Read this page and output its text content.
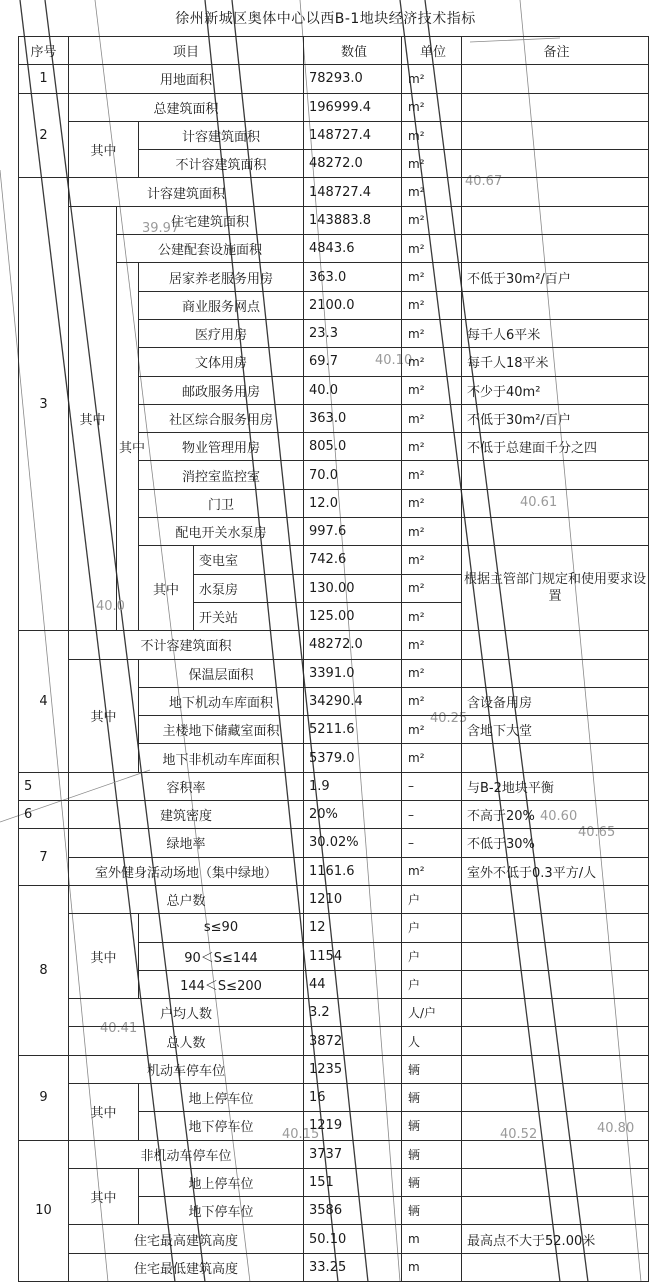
40.67
39.97
40.10
40.61
40.0
40.25
40.60
40.65
40.41
40.15	40.52	40.80
徐州新城区奥体中心以西B-1地块经济技术指标
序号	项目				数值	单位	备注
1	用地面积				78293.0	m²	
2	总建筑面积				196999.4	m²	
	其中		计容建筑面积		148727.4	m²	
			不计容建筑面积		48272.0	m²	
3	计容建筑面积				148727.4	m²	
	其中	住宅建筑面积			143883.8	m²	
		公建配套设施面积			4843.6	m²	
		其中	居家养老服务用房		363.0	m²	不低于30m²/百户
			商业服务网点		2100.0	m²	
			医疗用房		23.3	m²	每千人6平米
			文体用房		69.7	m²	每千人18平米
			邮政服务用房		40.0	m²	不少于40m²
			社区综合服务用房		363.0	m²	不低于30m²/百户
			物业管理用房		805.0	m²	不低于总建面千分之四
			消控室监控室		70.0	m²	
			门卫		12.0	m²	
			配电开关水泵房		997.6	m²	
			其中	变电室	742.6	m²	根据主管部门规定和使用要求设置
				水泵房	130.00	m²	
				开关站	125.00	m²	
4	不计容建筑面积				48272.0	m²	
	其中		保温层面积		3391.0	m²	
			地下机动车库面积		34290.4	m²	含设备用房
			主楼地下储藏室面积		5211.6	m²	含地下大堂
			地下非机动车库面积		5379.0	m²	
5	容积率				1.9	–	与B-2地块平衡
6	建筑密度				20%	–	不高于20%
7	绿地率				30.02%	–	不低于30%
	室外健身活动场地（集中绿地）				1161.6	m²	室外不低于0.3平方/人
8	总户数				1210	户	
	其中		s≤90		12	户	
			90＜S≤144		1154	户	
			144＜S≤200		44	户	
	户均人数				3.2	人/户	
	总人数				3872	人	
9	机动车停车位				1235	辆	
	其中		地上停车位		16	辆	
			地下停车位		1219	辆	
10	非机动车停车位				3737	辆	
	其中		地上停车位		151	辆	
			地下停车位		3586	辆	
	住宅最高建筑高度				50.10	m	最高点不大于52.00米
	住宅最低建筑高度				33.25	m	
